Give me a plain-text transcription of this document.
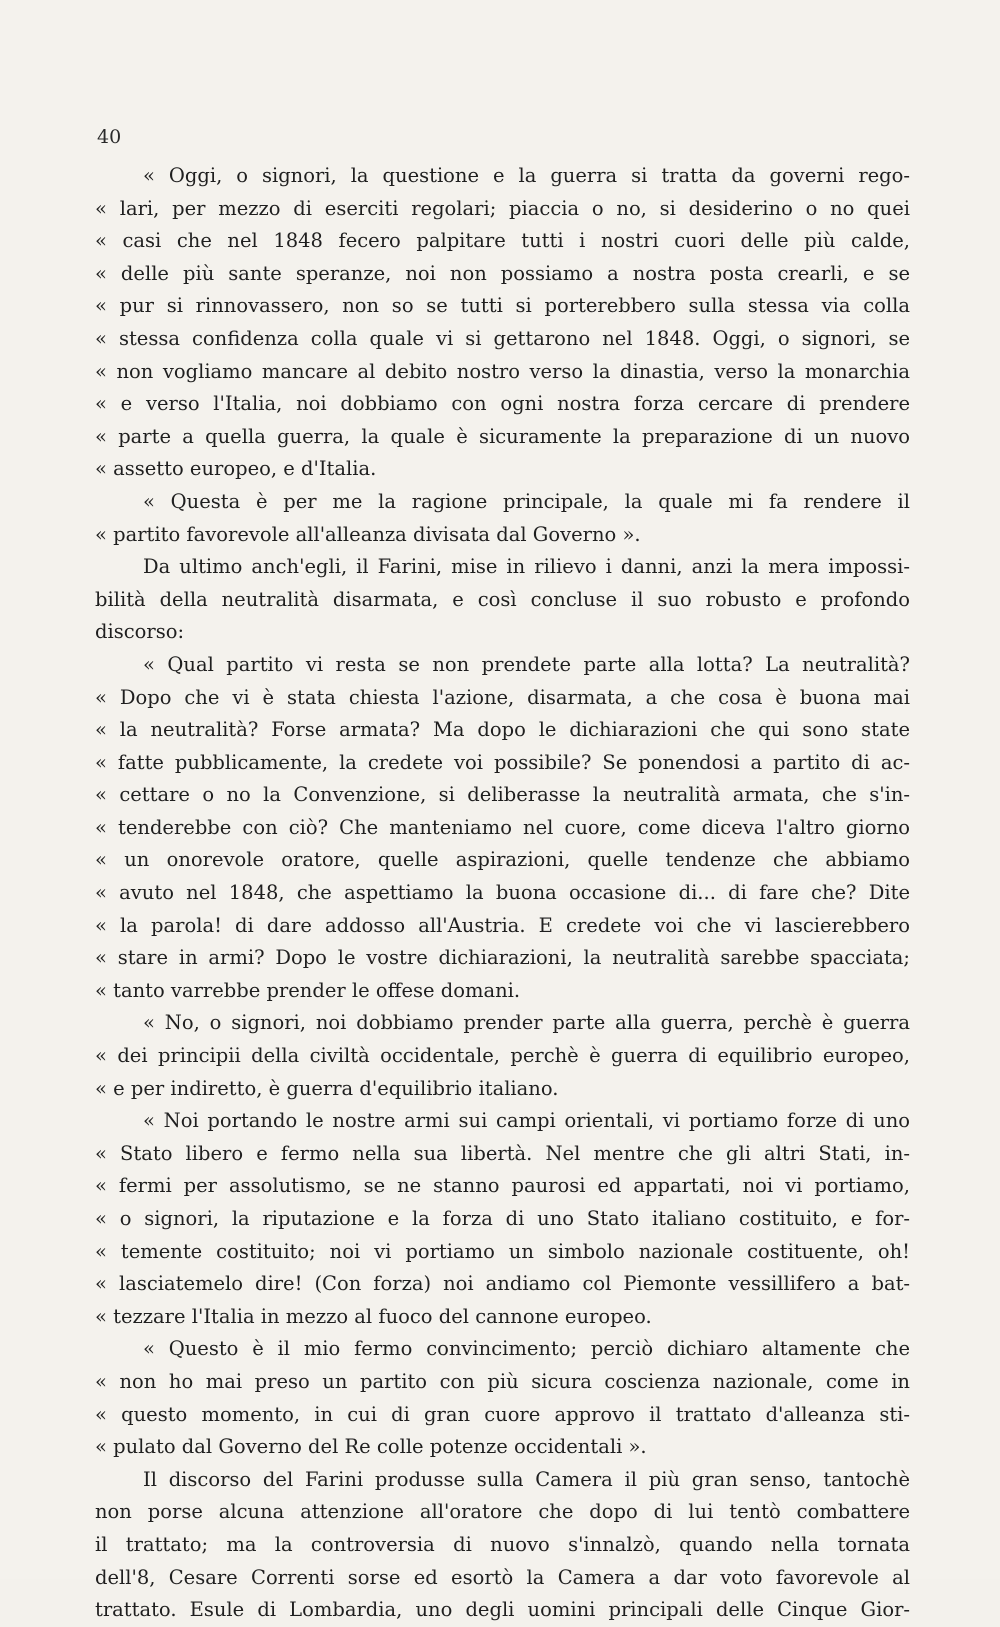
40
« Oggi, o signori, la questione e la guerra si tratta da governi rego-
« lari, per mezzo di eserciti regolari; piaccia o no, si desiderino o no quei
« casi che nel 1848 fecero palpitare tutti i nostri cuori delle più calde,
« delle più sante speranze, noi non possiamo a nostra posta crearli, e se
« pur si rinnovassero, non so se tutti si porterebbero sulla stessa via colla
« stessa confidenza colla quale vi si gettarono nel 1848. Oggi, o signori, se
« non vogliamo mancare al debito nostro verso la dinastia, verso la monarchia
« e verso l'Italia, noi dobbiamo con ogni nostra forza cercare di prendere
« parte a quella guerra, la quale è sicuramente la preparazione di un nuovo
« assetto europeo, e d'Italia.
« Questa è per me la ragione principale, la quale mi fa rendere il
« partito favorevole all'alleanza divisata dal Governo ».
Da ultimo anch'egli, il Farini, mise in rilievo i danni, anzi la mera impossi-
bilità della neutralità disarmata, e così concluse il suo robusto e profondo
discorso:
« Qual partito vi resta se non prendete parte alla lotta? La neutralità?
« Dopo che vi è stata chiesta l'azione, disarmata, a che cosa è buona mai
« la neutralità? Forse armata? Ma dopo le dichiarazioni che qui sono state
« fatte pubblicamente, la credete voi possibile? Se ponendosi a partito di ac-
« cettare o no la Convenzione, si deliberasse la neutralità armata, che s'in-
« tenderebbe con ciò? Che manteniamo nel cuore, come diceva l'altro giorno
« un onorevole oratore, quelle aspirazioni, quelle tendenze che abbiamo
« avuto nel 1848, che aspettiamo la buona occasione di... di fare che? Dite
« la parola! di dare addosso all'Austria. E credete voi che vi lascierebbero
« stare in armi? Dopo le vostre dichiarazioni, la neutralità sarebbe spacciata;
« tanto varrebbe prender le offese domani.
« No, o signori, noi dobbiamo prender parte alla guerra, perchè è guerra
« dei principii della civiltà occidentale, perchè è guerra di equilibrio europeo,
« e per indiretto, è guerra d'equilibrio italiano.
« Noi portando le nostre armi sui campi orientali, vi portiamo forze di uno
« Stato libero e fermo nella sua libertà. Nel mentre che gli altri Stati, in-
« fermi per assolutismo, se ne stanno paurosi ed appartati, noi vi portiamo,
« o signori, la riputazione e la forza di uno Stato italiano costituito, e for-
« temente costituito; noi vi portiamo un simbolo nazionale costituente, oh!
« lasciatemelo dire! (Con forza) noi andiamo col Piemonte vessillifero a bat-
« tezzare l'Italia in mezzo al fuoco del cannone europeo.
« Questo è il mio fermo convincimento; perciò dichiaro altamente che
« non ho mai preso un partito con più sicura coscienza nazionale, come in
« questo momento, in cui di gran cuore approvo il trattato d'alleanza sti-
« pulato dal Governo del Re colle potenze occidentali ».
Il discorso del Farini produsse sulla Camera il più gran senso, tantochè
non porse alcuna attenzione all'oratore che dopo di lui tentò combattere
il trattato; ma la controversia di nuovo s'innalzò, quando nella tornata
dell'8, Cesare Correnti sorse ed esortò la Camera a dar voto favorevole al
trattato. Esule di Lombardia, uno degli uomini principali delle Cinque Gior-
